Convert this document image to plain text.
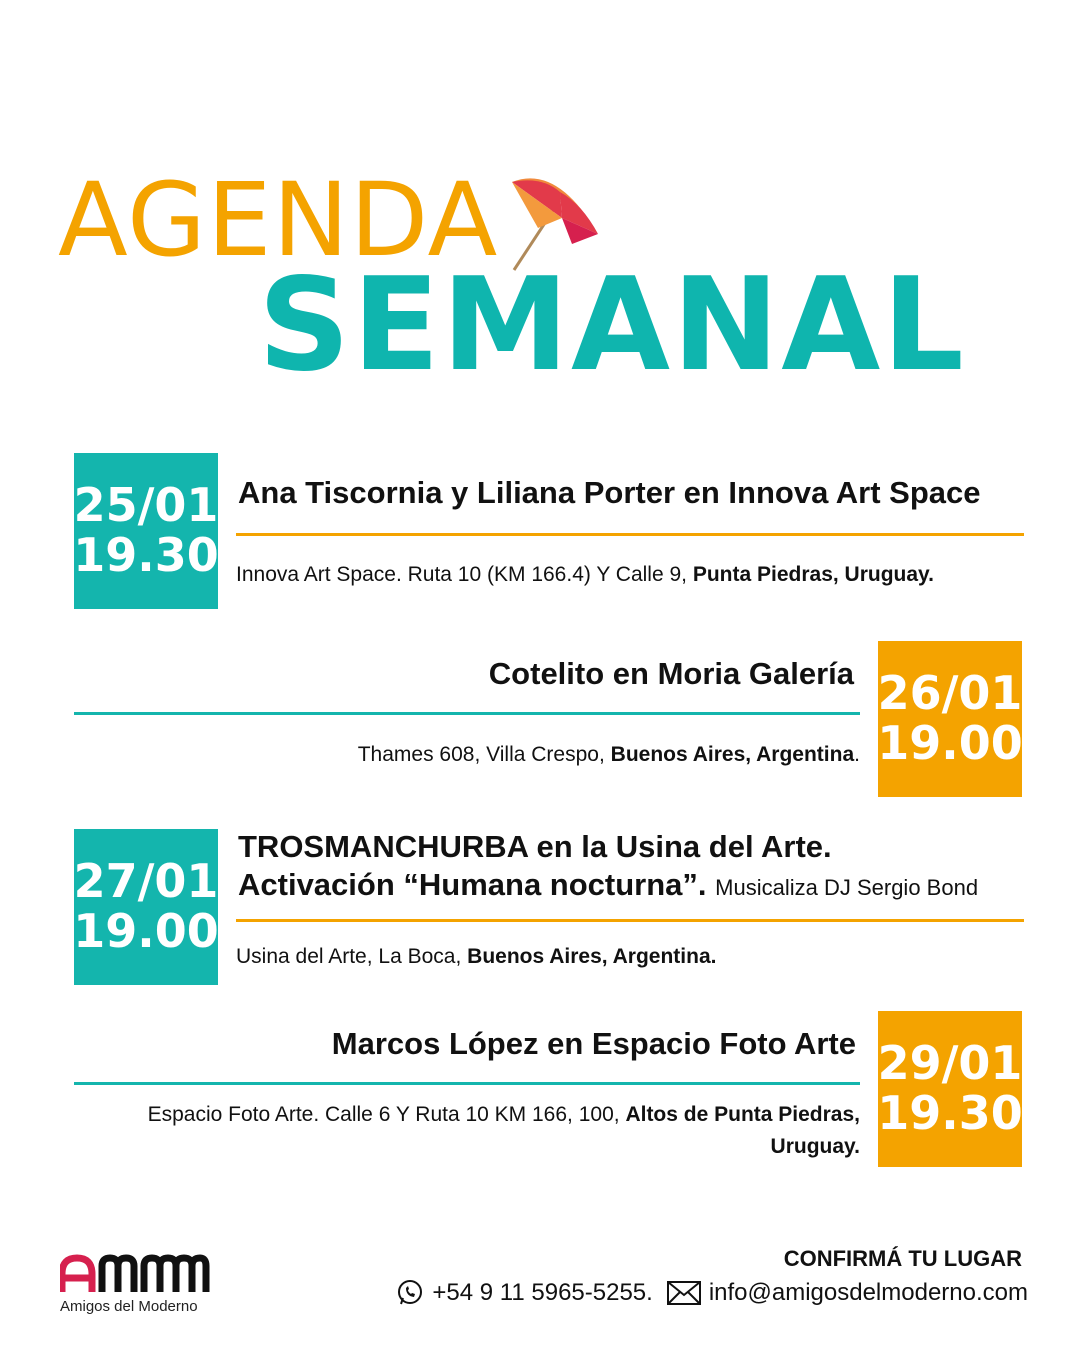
AGENDA
SEMANAL
25/01
19.30
Ana Tiscornia y Liliana Porter en Innova Art Space
Innova Art Space. Ruta 10 (KM 166.4) Y Calle 9, Punta Piedras, Uruguay.
26/01
19.00
Cotelito en Moria Galería
Thames 608, Villa Crespo, Buenos Aires, Argentina.
27/01
19.00
TROSMANCHURBA en la Usina del Arte.
Activación “Humana nocturna”. Musicaliza DJ Sergio Bond
Usina del Arte, La Boca, Buenos Aires, Argentina.
29/01
19.30
Marcos López en Espacio Foto Arte
Espacio Foto Arte. Calle 6 Y Ruta 10 KM 166, 100, Altos de Punta Piedras,
Uruguay.
Amigos del Moderno
CONFIRMÁ TU LUGAR
+54 9 11 5965-5255. info@amigosdelmoderno.com
